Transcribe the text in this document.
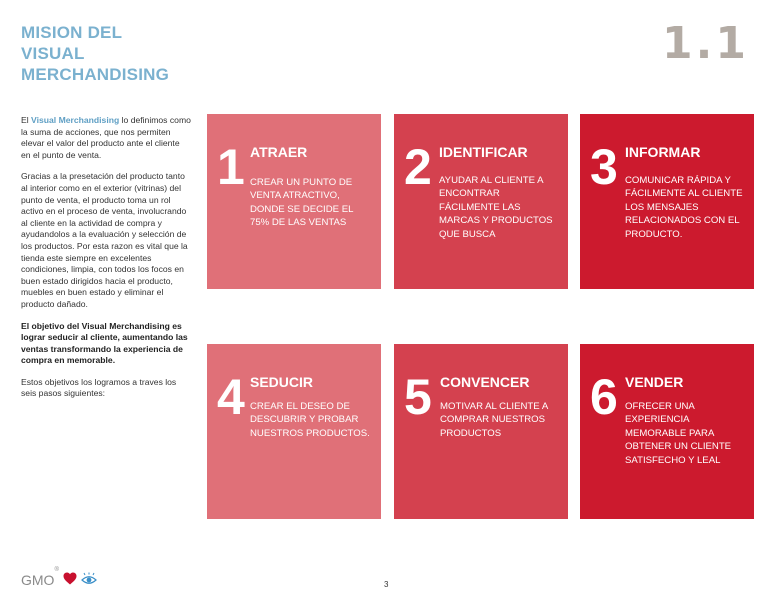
MISION DEL
VISUAL
MERCHANDISING
1.1

El Visual Merchandising lo definimos como la suma de acciones, que nos permiten elevar el valor del producto ante el cliente en el punto de venta.

Gracias a la presetación del producto tanto al interior como en el exterior (vitrinas) del punto de venta, el producto toma un rol activo en el proceso de venta, involucrando al cliente en la actividad de compra y ayudandolos a la evaluación y selección de los productos. Por esta razon es vital que la tienda este siempre en excelentes condiciones, limpia, con todos los focos en buen estado dirigidos hacia el producto, muebles en buen estado y eliminar el producto dañado.

El objetivo del Visual Merchandising es lograr seducir al cliente, aumentando las ventas transformando la experiencia de compra en memorable.

Estos objetivos los logramos a traves los seis pasos siguientes:

1 ATRAER
CREAR UN PUNTO DE VENTA ATRACTIVO, DONDE SE DECIDE EL 75% DE LAS VENTAS
2 IDENTIFICAR
AYUDAR AL CLIENTE A ENCONTRAR FÁCILMENTE LAS MARCAS Y PRODUCTOS QUE BUSCA
3 INFORMAR
COMUNICAR RÁPIDA Y FÁCILMENTE AL CLIENTE LOS MENSAJES RELACIONADOS CON EL PRODUCTO.
4 SEDUCIR
CREAR EL DESEO DE DESCUBRIR Y PROBAR NUESTROS PRODUCTOS.
5 CONVENCER
MOTIVAR AL CLIENTE A COMPRAR NUESTROS PRODUCTOS
6 VENDER
OFRECER UNA EXPERIENCIA MEMORABLE PARA OBTENER UN CLIENTE SATISFECHO Y LEAL
GMO®
3
